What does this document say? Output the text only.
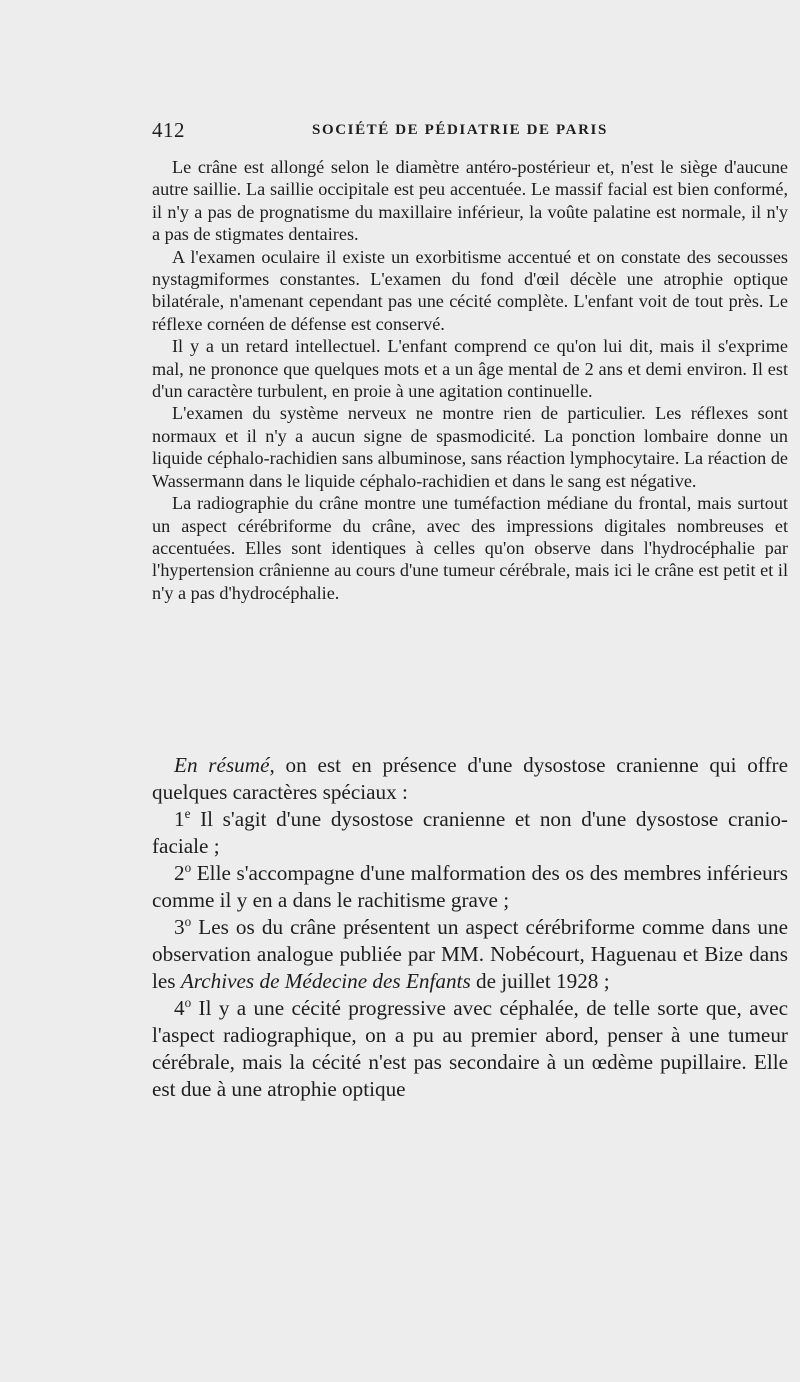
412	SOCIÉTÉ DE PÉDIATRIE DE PARIS

Le crâne est allongé selon le diamètre antéro-postérieur et, n'est le siège d'aucune autre saillie. La saillie occipitale est peu accentuée. Le massif facial est bien conformé, il n'y a pas de prognatisme du maxillaire inférieur, la voûte palatine est normale, il n'y a pas de stigmates dentaires.

A l'examen oculaire il existe un exorbitisme accentué et on constate des secousses nystagmiformes constantes. L'examen du fond d'œil décèle une atrophie optique bilatérale, n'amenant cependant pas une cécité complète. L'enfant voit de tout près. Le réflexe cornéen de défense est conservé.

Il y a un retard intellectuel. L'enfant comprend ce qu'on lui dit, mais il s'exprime mal, ne prononce que quelques mots et a un âge mental de 2 ans et demi environ. Il est d'un caractère turbulent, en proie à une agitation continuelle.

L'examen du système nerveux ne montre rien de particulier. Les réflexes sont normaux et il n'y a aucun signe de spasmodicité. La ponction lombaire donne un liquide céphalo-rachidien sans albuminose, sans réaction lymphocytaire. La réaction de Wassermann dans le liquide céphalo-rachidien et dans le sang est négative.

La radiographie du crâne montre une tuméfaction médiane du frontal, mais surtout un aspect cérébriforme du crâne, avec des impressions digitales nombreuses et accentuées. Elles sont identiques à celles qu'on observe dans l'hydrocéphalie par l'hypertension crânienne au cours d'une tumeur cérébrale, mais ici le crâne est petit et il n'y a pas d'hydrocéphalie.

En résumé, on est en présence d'une dysostose cranienne qui offre quelques caractères spéciaux :

1e Il s'agit d'une dysostose cranienne et non d'une dysostose cranio-faciale ;

2$^o$ Elle s'accompagne d'une malformation des os des membres inférieurs comme il y en a dans le rachitisme grave ;

3$^o$ Les os du crâne présentent un aspect cérébriforme comme dans une observation analogue publiée par MM. Nobécourt, Haguenau et Bize dans les Archives de Médecine des Enfants de juillet 1928 ;

4$^o$ Il y a une cécité progressive avec céphalée, de telle sorte que, avec l'aspect radiographique, on a pu au premier abord, penser à une tumeur cérébrale, mais la cécité n'est pas secondaire à un œdème pupillaire. Elle est due à une atrophie optique
